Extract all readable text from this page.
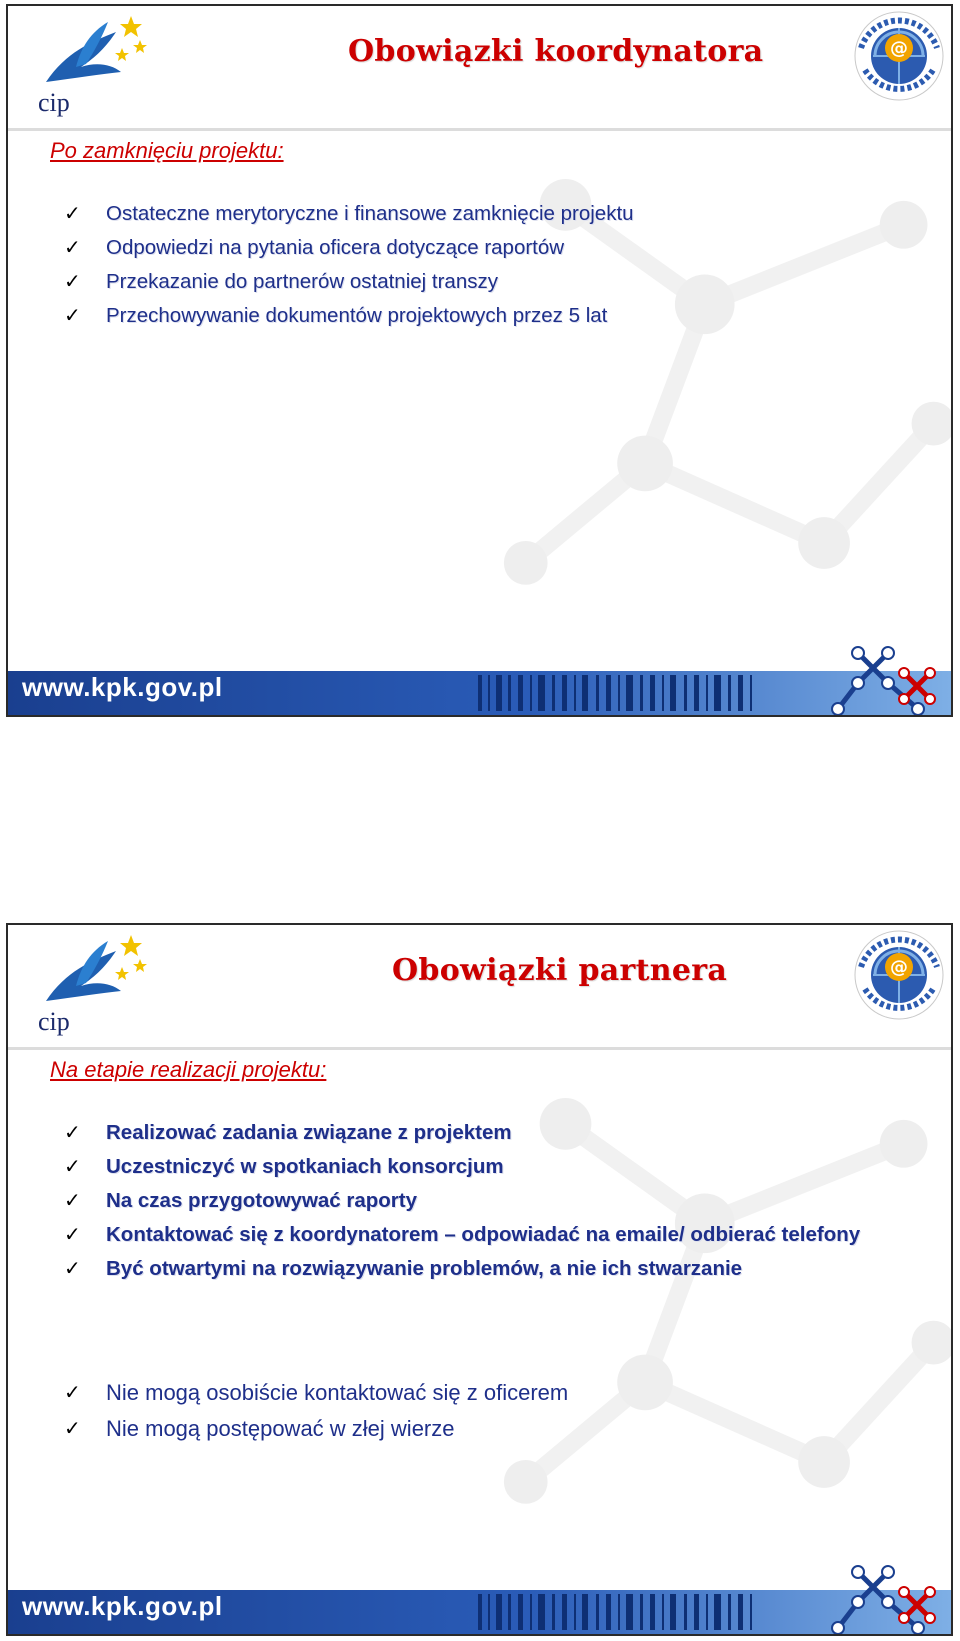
cip
Obowiązki koordynatora	@
Po zamknięciu projektu:
✓ Ostateczne merytoryczne i finansowe zamknięcie projektu
✓ Odpowiedzi na pytania oficera dotyczące raportów
✓ Przekazanie do partnerów ostatniej transzy
✓ Przechowywanie dokumentów projektowych przez 5 lat
www.kpk.gov.pl
cip
Obowiązki partnera	@
Na etapie realizacji projektu:
✓ Realizować zadania związane z projektem
✓ Uczestniczyć w spotkaniach konsorcjum
✓ Na czas przygotowywać raporty
✓ Kontaktować się z koordynatorem – odpowiadać na emaile/ odbierać telefony
✓ Być otwartymi na rozwiązywanie problemów, a nie ich stwarzanie
✓ Nie mogą osobiście kontaktować się z oficerem
✓ Nie mogą postępować w złej wierze
www.kpk.gov.pl
